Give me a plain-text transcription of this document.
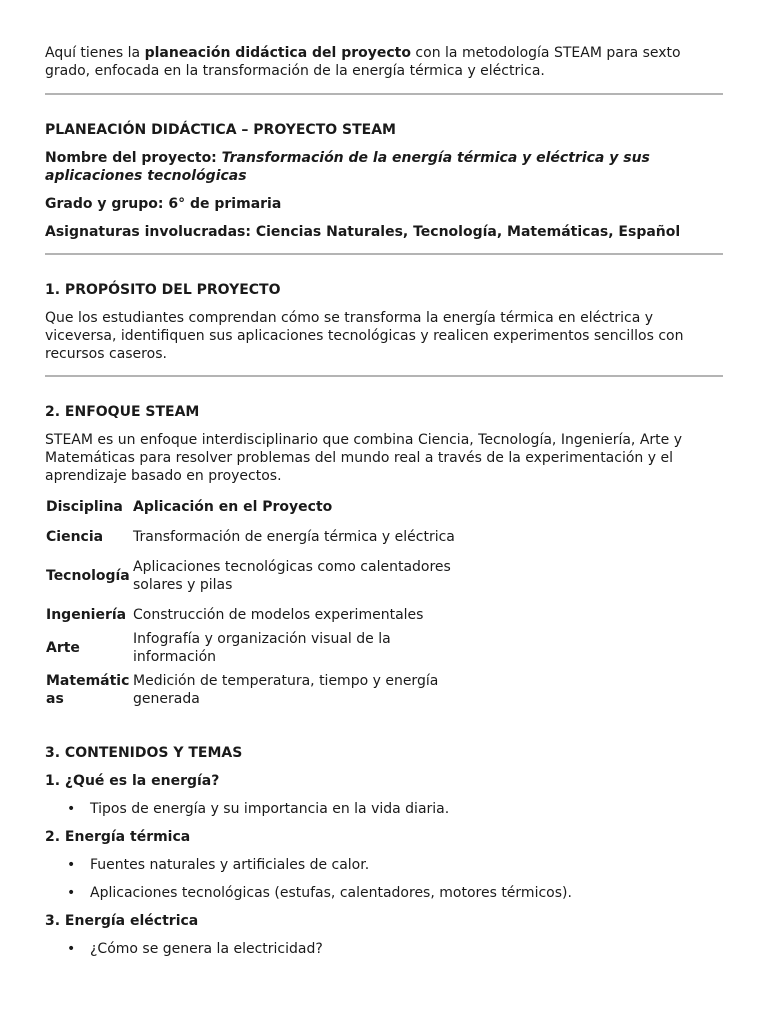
Aquí tienes la planeación didáctica del proyecto con la metodología STEAM para sexto grado, enfocada en la transformación de la energía térmica y eléctrica.

PLANEACIÓN DIDÁCTICA – PROYECTO STEAM

Nombre del proyecto: Transformación de la energía térmica y eléctrica y sus aplicaciones tecnológicas

Grado y grupo: 6° de primaria

Asignaturas involucradas: Ciencias Naturales, Tecnología, Matemáticas, Español

1. PROPÓSITO DEL PROYECTO

Que los estudiantes comprendan cómo se transforma la energía térmica en eléctrica y viceversa, identifiquen sus aplicaciones tecnológicas y realicen experimentos sencillos con recursos caseros.

2. ENFOQUE STEAM

STEAM es un enfoque interdisciplinario que combina Ciencia, Tecnología, Ingeniería, Arte y Matemáticas para resolver problemas del mundo real a través de la experimentación y el aprendizaje basado en proyectos.

Disciplina	Aplicación en el Proyecto
Ciencia	Transformación de energía térmica y eléctrica
Tecnología	Aplicaciones tecnológicas como calentadores solares y pilas
Ingeniería	Construcción de modelos experimentales
Arte	Infografía y organización visual de la información
Matemáticas	Medición de temperatura, tiempo y energía generada

3. CONTENIDOS Y TEMAS

1. ¿Qué es la energía?

• Tipos de energía y su importancia en la vida diaria.

2. Energía térmica

• Fuentes naturales y artificiales de calor.
• Aplicaciones tecnológicas (estufas, calentadores, motores térmicos).

3. Energía eléctrica

• ¿Cómo se genera la electricidad?
